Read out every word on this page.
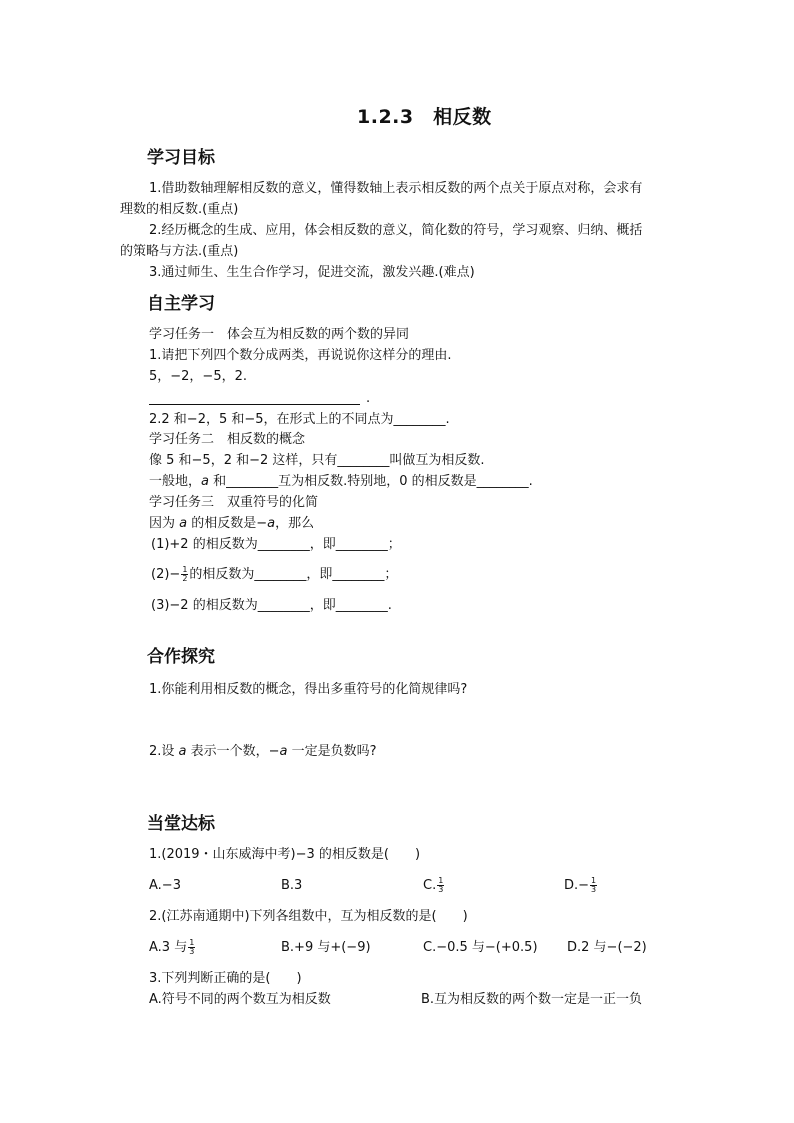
1.2.3　相反数
学习目标
1.借助数轴理解相反数的意义，懂得数轴上表示相反数的两个点关于原点对称，会求有
理数的相反数.(重点)
2.经历概念的生成、应用，体会相反数的意义，简化数的符号，学习观察、归纳、概括
的策略与方法.(重点)
3.通过师生、生生合作学习，促进交流，激发兴趣.(难点)
自主学习
学习任务一　体会互为相反数的两个数的异同
1.请把下列四个数分成两类，再说说你这样分的理由.
5，−2，−5，2.
.
2.2 和−2，5 和−5，在形式上的不同点为________.
学习任务二　相反数的概念
像 5 和−5，2 和−2 这样，只有________叫做互为相反数.
一般地，a 和________互为相反数.特别地，0 的相反数是________.
学习任务三　双重符号的化简
因为 a 的相反数是−a，那么
(1)+2 的相反数为________，即________；
$(2)- \frac{1}{2}$ 的相反数为________，即________；
(3)−2 的相反数为________，即________.
合作探究
1.你能利用相反数的概念，得出多重符号的化简规律吗?
2.设 a 表示一个数，−a 一定是负数吗?
当堂达标
1.(2019・山东威海中考)−3 的相反数是(　　)
A.−3	B.3	C. $\frac{1}{3}$	$D.- \frac{1}{3}$
2.(江苏南通期中)下列各组数中，互为相反数的是(　　)
A.3 与 $\frac{1}{3}$	B.+9 与+(−9)	C.−0.5 与−(+0.5) D.2 与−(−2)
3.下列判断正确的是(　　)
A.符号不同的两个数互为相反数	B.互为相反数的两个数一定是一正一负
